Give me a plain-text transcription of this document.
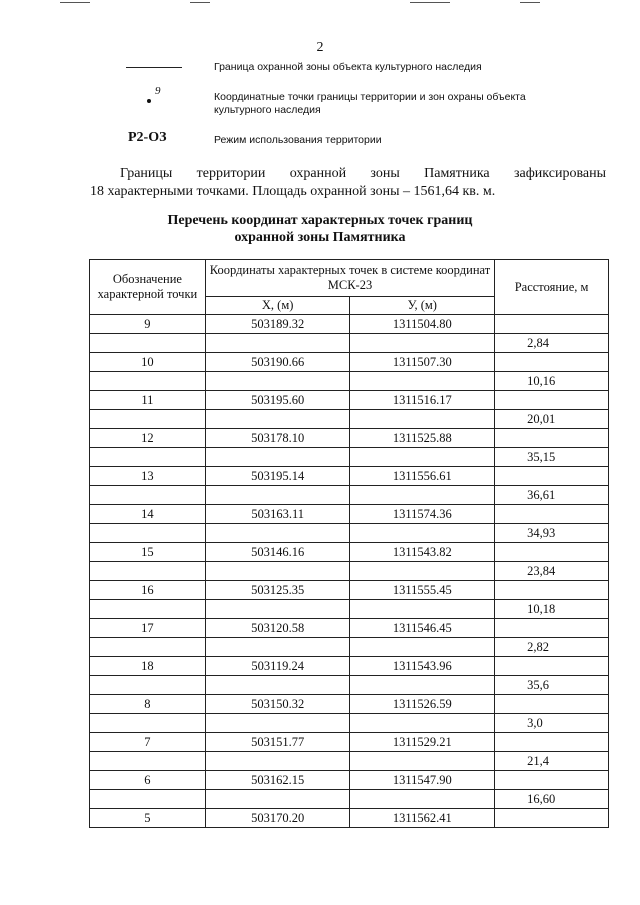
2
Граница охранной зоны объекта культурного наследия
9	Координатные точки границы территории и зон охраны объекта культурного наследия
Р2-ОЗ	Режим использования территории
Границы территории охранной зоны Памятника зафиксированы
18 характерными точками. Площадь охранной зоны – 1561,64 кв. м.
Перечень координат характерных точек границ
охранной зоны Памятника
Обозначение характерной точки	Координаты характерных точек в системе координат МСК-23		Расстояние, м
	X, (м)	У, (м)	
9	503189.32	1311504.80	
			2,84
10	503190.66	1311507.30	
			10,16
11	503195.60	1311516.17	
			20,01
12	503178.10	1311525.88	
			35,15
13	503195.14	1311556.61	
			36,61
14	503163.11	1311574.36	
			34,93
15	503146.16	1311543.82	
			23,84
16	503125.35	1311555.45	
			10,18
17	503120.58	1311546.45	
			2,82
18	503119.24	1311543.96	
			35,6
8	503150.32	1311526.59	
			3,0
7	503151.77	1311529.21	
			21,4
6	503162.15	1311547.90	
			16,60
5	503170.20	1311562.41	
